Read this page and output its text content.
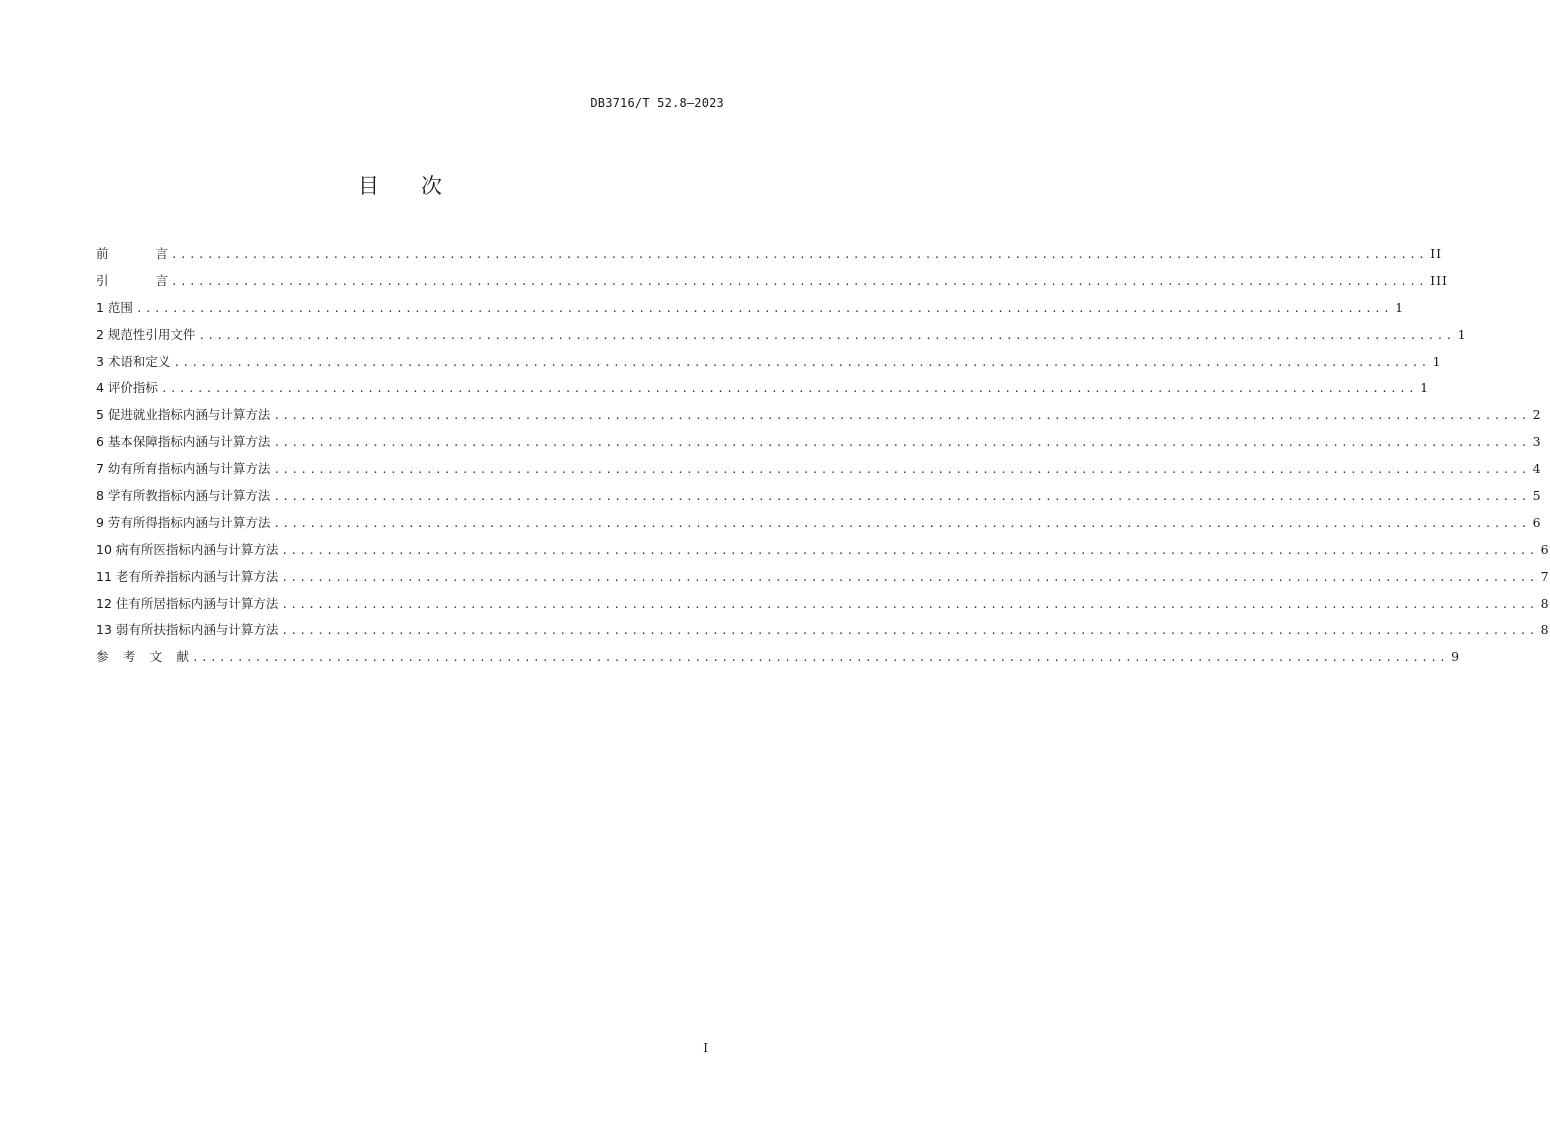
DB3716/T 52.8—2023
目次
前	言 ............................................................................................................................................ II
引	言 ............................................................................................................................................ III
1 范围 ............................................................................................................................................ 1
2 规范性引用文件 ............................................................................................................................................ 1
3 术语和定义 ............................................................................................................................................ 1
4 评价指标 ............................................................................................................................................ 1
5 促进就业指标内涵与计算方法 ............................................................................................................................................ 2
6 基本保障指标内涵与计算方法 ............................................................................................................................................ 3
7 幼有所育指标内涵与计算方法 ............................................................................................................................................ 4
8 学有所教指标内涵与计算方法 ............................................................................................................................................ 5
9 劳有所得指标内涵与计算方法 ............................................................................................................................................ 6
10 病有所医指标内涵与计算方法 ............................................................................................................................................ 6
11 老有所养指标内涵与计算方法 ............................................................................................................................................ 7
12 住有所居指标内涵与计算方法 ............................................................................................................................................ 8
13 弱有所扶指标内涵与计算方法 ............................................................................................................................................ 8
参 考 文 献 ............................................................................................................................................ 9
I
